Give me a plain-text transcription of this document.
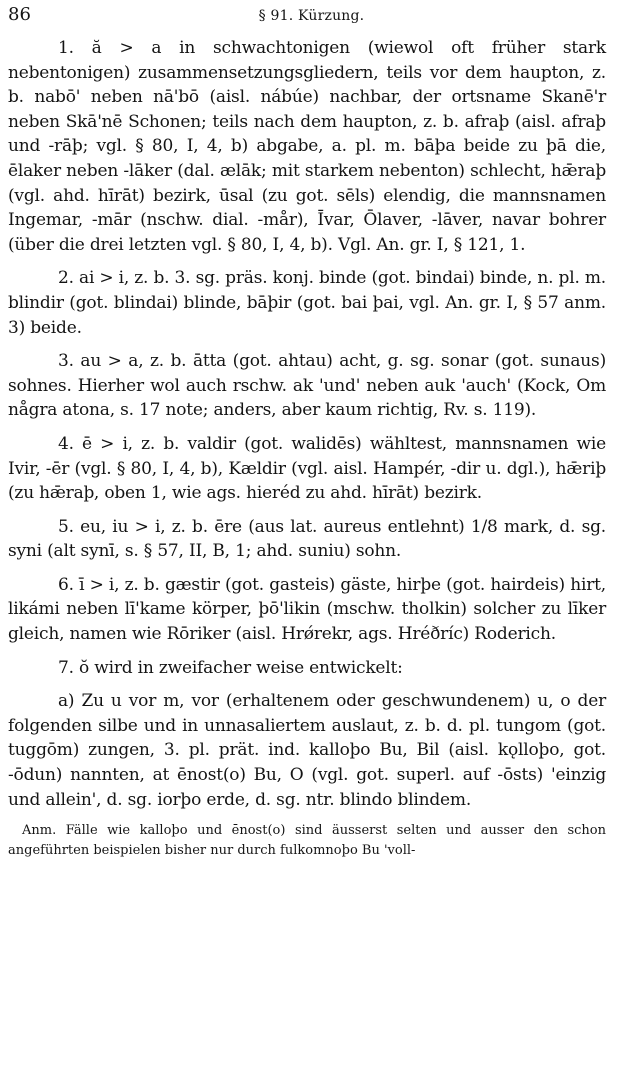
86	§ 91. Kürzung.

1. ă > a in schwachtonigen (wiewol oft früher stark nebentonigen) zusammensetzungsgliedern, teils vor dem haupton, z. b. nabō' neben nā'bō (aisl. nábúe) nachbar, der ortsname Skanē'r neben Skā'nē Schonen; teils nach dem haupton, z. b. afraþ (aisl. afraþ und -rāþ; vgl. § 80, I, 4, b) abgabe, a. pl. m. bāþa beide zu þā die, ēlaker neben -lāker (dal. ælāk; mit starkem nebenton) schlecht, hǣraþ (vgl. ahd. hīrāt) bezirk, ūsal (zu got. sēls) elendig, die mannsnamen Ingemar, -mār (nschw. dial. -mår), Īvar, Ōlaver, -lāver, navar bohrer (über die drei letzten vgl. § 80, I, 4, b). Vgl. An. gr. I, § 121, 1.

2. ai > i, z. b. 3. sg. präs. konj. binde (got. bindai) binde, n. pl. m. blindir (got. blindai) blinde, bāþir (got. bai þai, vgl. An. gr. I, § 57 anm. 3) beide.

3. au > a, z. b. ātta (got. ahtau) acht, g. sg. sonar (got. sunaus) sohnes. Hierher wol auch rschw. ak 'und' neben auk 'auch' (Kock, Om några atona, s. 17 note; anders, aber kaum richtig, Rv. s. 119).

4. ē > i, z. b. valdir (got. walidēs) wähltest, mannsnamen wie Ivir, -ēr (vgl. § 80, I, 4, b), Kældir (vgl. aisl. Hampér, -dir u. dgl.), hǣriþ (zu hǣraþ, oben 1, wie ags. hieréd zu ahd. hīrāt) bezirk.

5. eu, iu > i, z. b. ēre (aus lat. aureus entlehnt) 1/8 mark, d. sg. syni (alt synī, s. § 57, II, B, 1; ahd. suniu) sohn.

6. ī > i, z. b. gæstir (got. gasteis) gäste, hirþe (got. hairdeis) hirt, likámi neben lī'kame körper, þō'likin (mschw. tholkin) solcher zu līker gleich, namen wie Rōriker (aisl. Hrǿrekr, ags. Hréðríc) Roderich.

7. ŏ wird in zweifacher weise entwickelt:

a) Zu u vor m, vor (erhaltenem oder geschwundenem) u, o der folgenden silbe und in unnasaliertem auslaut, z. b. d. pl. tungom (got. tuggōm) zungen, 3. pl. prät. ind. kalloþo Bu, Bil (aisl. kǫlloþo, got. -ōdun) nannten, at ēnost(o) Bu, O (vgl. got. superl. auf -ōsts) 'einzig und allein', d. sg. iorþo erde, d. sg. ntr. blindo blindem.

Anm. Fälle wie kalloþo und ēnost(o) sind äusserst selten und ausser den schon angeführten beispielen bisher nur durch fulkomnoþo Bu 'voll-
